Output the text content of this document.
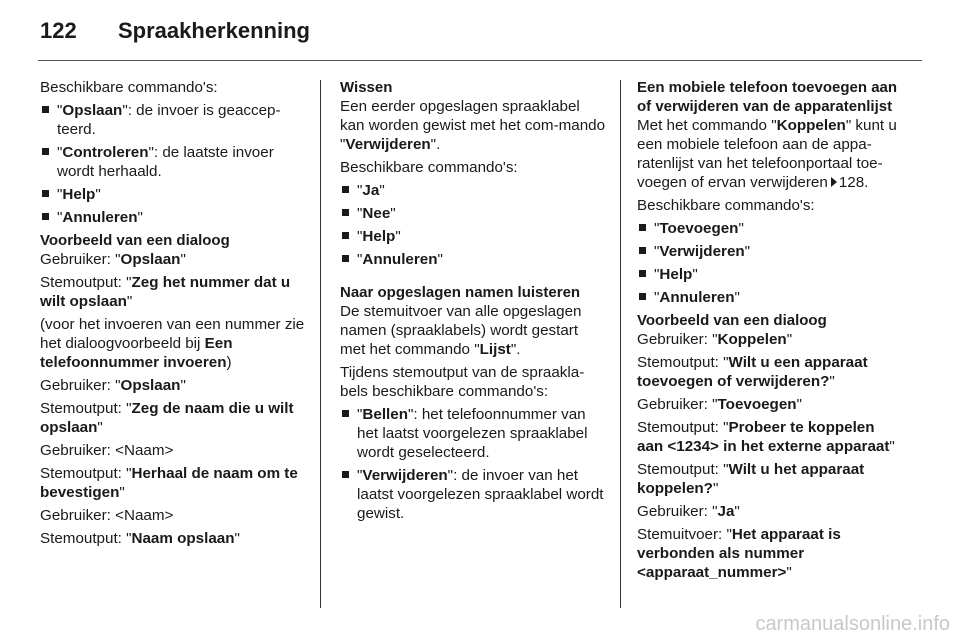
122 Spraakherkenning

Beschikbare commando's:

"Opslaan": de invoer is geaccep-teerd.
"Controleren": de laatste invoer wordt herhaald.
"Help"
"Annuleren"
Voorbeeld van een dialoog

Gebruiker: "Opslaan"

Stemoutput: "Zeg het nummer dat u wilt opslaan"

(voor het invoeren van een nummer zie het dialoogvoorbeeld bij Een telefoonnummer invoeren)

Gebruiker: "Opslaan"

Stemoutput: "Zeg de naam die u wilt opslaan"

Gebruiker: <Naam>

Stemoutput: "Herhaal de naam om te bevestigen"

Gebruiker: <Naam>

Stemoutput: "Naam opslaan"

Wissen

Een eerder opgeslagen spraaklabel kan worden gewist met het com-mando "Verwijderen".

Beschikbare commando's:

"Ja"
"Nee"
"Help"
"Annuleren"
Naar opgeslagen namen luisteren

De stemuitvoer van alle opgeslagen namen (spraaklabels) wordt gestart met het commando "Lijst".

Tijdens stemoutput van de spraakla-bels beschikbare commando's:

"Bellen": het telefoonnummer van het laatst voorgelezen spraaklabel wordt geselecteerd.
"Verwijderen": de invoer van het laatst voorgelezen spraaklabel wordt gewist.
Een mobiele telefoon toevoegen aan of verwijderen van de apparatenlijst

Met het commando "Koppelen" kunt u een mobiele telefoon aan de appa-ratenlijst van het telefoonportaal toe-voegen of ervan verwijderen 128.

Beschikbare commando's:

"Toevoegen"
"Verwijderen"
"Help"
"Annuleren"
Voorbeeld van een dialoog

Gebruiker: "Koppelen"

Stemoutput: "Wilt u een apparaat toevoegen of verwijderen?"

Gebruiker: "Toevoegen"

Stemoutput: "Probeer te koppelen aan <1234> in het externe apparaat"

Stemoutput: "Wilt u het apparaat koppelen?"

Gebruiker: "Ja"

Stemuitvoer: "Het apparaat is verbonden als nummer <apparaat_nummer>"

carmanualsonline.info
